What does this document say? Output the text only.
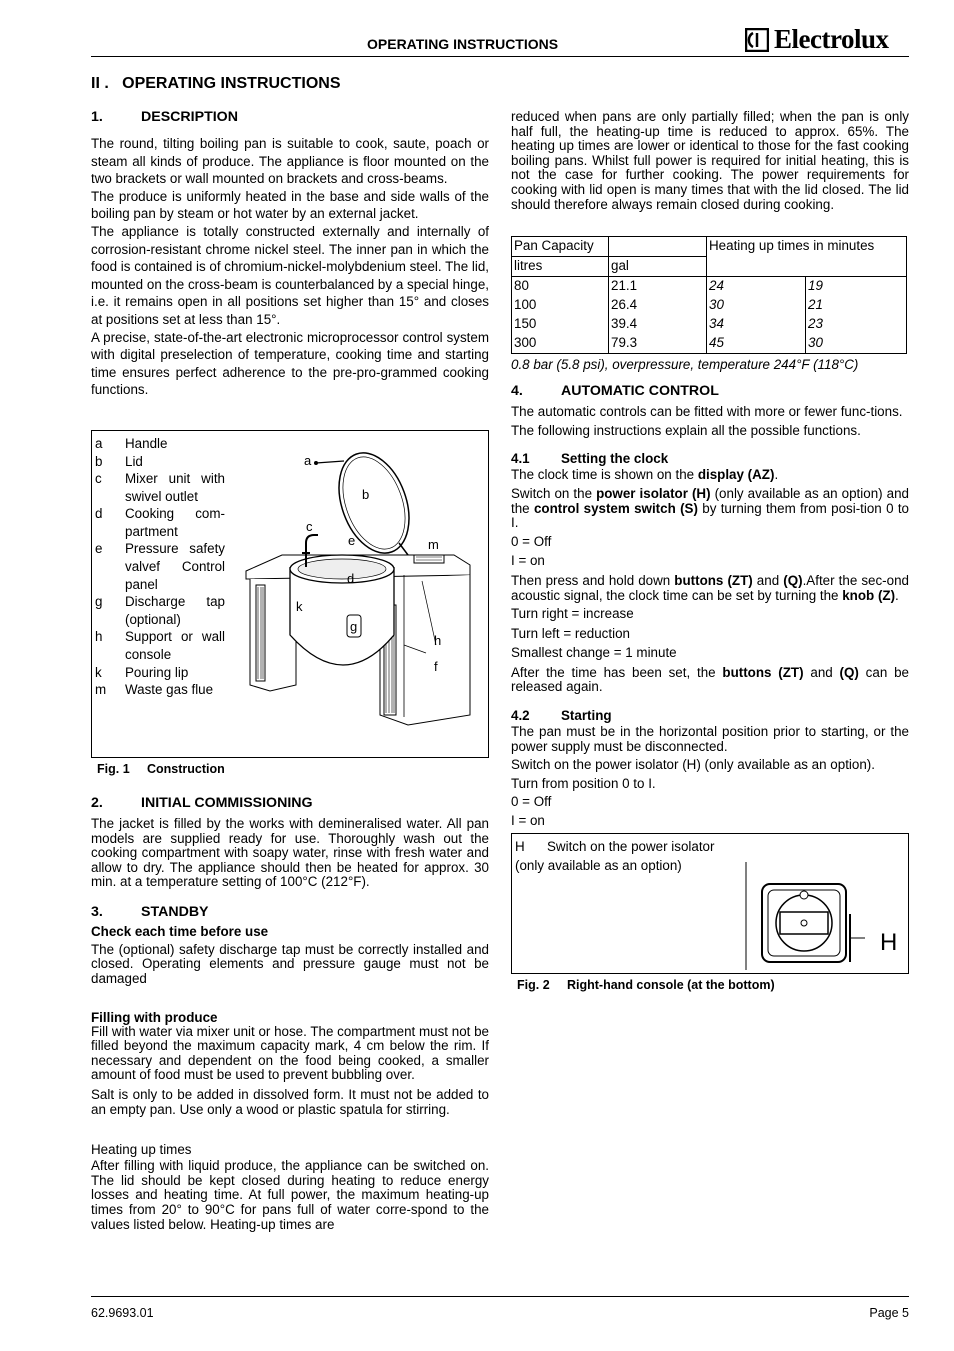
OPERATING INSTRUCTIONS	Electrolux
II .   OPERATING INSTRUCTIONS
1.	DESCRIPTION

The round, tilting boiling pan is suitable to cook, saute, poach or steam all kinds of produce. The appliance is floor mounted on the two brackets or wall mounted on brackets and cross-beams.

The produce is uniformly heated in the base and side walls of the boiling pan by steam or hot water by an external jacket.

The appliance is totally constructed externally and internally of corrosion-resistant chrome nickel steel. The inner pan in which the food is contained is of chromium-nickel-molybdenium steel. The lid, mounted on the cross-beam is counterbalanced by a special hinge, i.e. it remains open in all positions set higher than 15° and closes at positions set at less than 15°.

A precise, state-of-the-art electronic microprocessor control system with digital preselection of temperature, cooking time and starting time ensures perfect adherence to the pre-pro-grammed cooking functions.

a	Handle
b	Lid
c	Mixer unit with swivel outlet
d	Cooking com-partment
e	Pressure safety valvef Control panel
g	Discharge tap (optional)
h	Support or wall console
k	Pouring lip
m	Waste gas flue
a
b
c
e
d
m
k
g
h
f
Fig. 1	Construction
2.	INITIAL COMMISSIONING

The jacket is filled by the works with demineralised water. All pan models are supplied ready for use. Thoroughly wash out the cooking compartment with soapy water, rinse with fresh water and allow to dry. The appliance should then be heated for approx. 30 min. at a temperature setting of 100°C (212°F).

3.	STANDBY
Check each time before use

The (optional) safety discharge tap must be correctly installed and closed. Operating elements and pressure gauge must not be damaged

Filling with produce

Fill with water via mixer unit or hose. The compartment must not be filled beyond the maximum capacity mark, 4 cm below the rim. If necessary and dependent on the food being cooked, a smaller amount of food must be used to prevent bubbling over.

Salt is only to be added in dissolved form. It must not be added to an empty pan. Use only a wood or plastic spatula for stirring.

Heating up times

After filling with liquid produce, the appliance can be switched on. The lid should be kept closed during heating to reduce energy losses and heating time. At full power, the maximum heating-up times from 20° to 90°C for pans full of water corre-spond to the values listed below. Heating-up times are

reduced when pans are only partially filled; when the pan is only half full, the heating-up time is reduced to approx. 65%. The heating up times are lower or identical to those for the fast cooking boiling pans. Whilst full power is required for initial heating, this is not the case for further cooking. The power requirements for cooking with lid open is many times that with the lid closed. The lid should therefore always remain closed during cooking.

Pan Capacity		Heating up times in minutes	
litres	gal		
80	21.1	24	19
100	26.4	30	21
150	39.4	34	23
300	79.3	45	30
0.8 bar (5.8 psi), overpressure, temperature 244°F (118°C)
4.	AUTOMATIC CONTROL

The automatic controls can be fitted with more or fewer func-tions.

The following instructions explain all the possible functions.

4.1	Setting the clock

The clock time is shown on the display (AZ).

Switch on the power isolator (H) (only available as an option) and the control system switch (S) by turning them from posi-tion 0 to I.

0 = Off

I = on

Then press and hold down buttons (ZT) and (Q).After the sec-ond acoustic signal, the clock time can be set by turning the knob (Z).

Turn right = increase

Turn left = reduction

Smallest change = 1 minute

After the time has been set, the buttons (ZT) and (Q) can be released again.

4.2	Starting

The pan must be in the horizontal position prior to starting, or the power supply must be disconnected.

Switch on the power isolator (H) (only available as an option).

Turn from position 0 to I.

0 = Off

I = on

H      Switch on the power isolator
(only available as an option)
H
Fig. 2	Right-hand console (at the bottom)
62.9693.01	Page 5
